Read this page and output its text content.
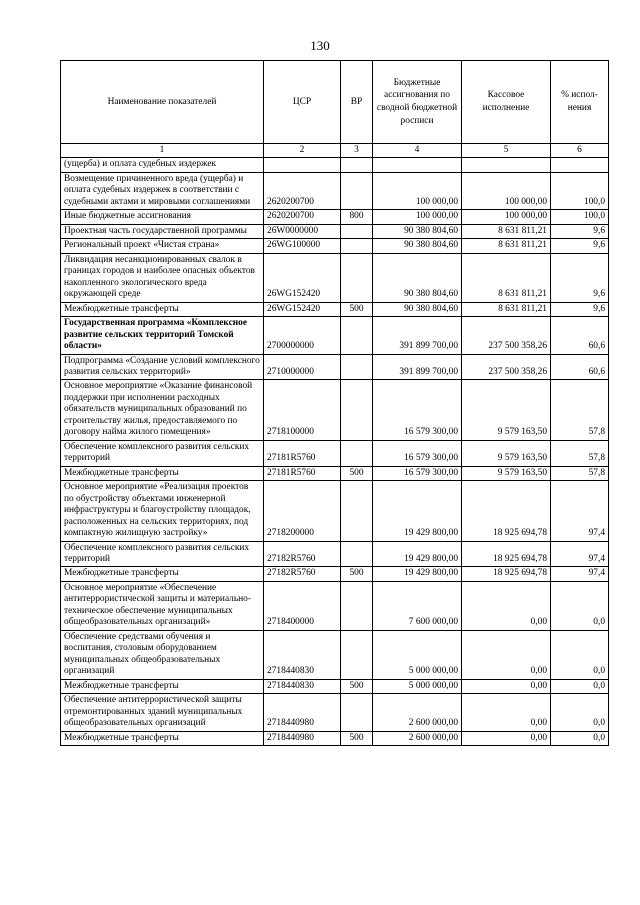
130
Наименование показателей	ЦСР	ВР	Бюджетные ассигнования по сводной бюджетной росписи	Кассовое исполнение	% испол-нения
1	2	3	4	5	6
(ущерба) и оплата судебных издержек					
Возмещение причиненного вреда (ущерба) и оплата судебных издержек в соответствии с судебными актами и мировыми соглашениями	2620200700		100 000,00	100 000,00	100,0
Иные бюджетные ассигнования	2620200700	800	100 000,00	100 000,00	100,0
Проектная часть государственной программы	26W0000000		90 380 804,60	8 631 811,21	9,6
Региональный проект «Чистая страна»	26WG100000		90 380 804,60	8 631 811,21	9,6
Ликвидация несанкционированных свалок в границах городов и наиболее опасных объектов накопленного экологического вреда окружающей среде	26WG152420		90 380 804,60	8 631 811,21	9,6
Межбюджетные трансферты	26WG152420	500	90 380 804,60	8 631 811,21	9,6
Государственная программа «Комплексное развитие сельских территорий Томской области»	2700000000		391 899 700,00	237 500 358,26	60,6
Подпрограмма «Создание условий комплексного развития сельских территорий»	2710000000		391 899 700,00	237 500 358,26	60,6
Основное мероприятие «Оказание финансовой поддержки при исполнении расходных обязательств муниципальных образований по строительству жилья, предоставляемого по договору найма жилого помещения»	2718100000		16 579 300,00	9 579 163,50	57,8
Обеспечение комплексного развития сельских территорий	27181R5760		16 579 300,00	9 579 163,50	57,8
Межбюджетные трансферты	27181R5760	500	16 579 300,00	9 579 163,50	57,8
Основное мероприятие «Реализация проектов по обустройству объектами инженерной инфраструктуры и благоустройству площадок, расположенных на сельских территориях, под компактную жилищную застройку»	2718200000		19 429 800,00	18 925 694,78	97,4
Обеспечение комплексного развития сельских территорий	27182R5760		19 429 800,00	18 925 694,78	97,4
Межбюджетные трансферты	27182R5760	500	19 429 800,00	18 925 694,78	97,4
Основное мероприятие «Обеспечение антитеррористической защиты и материально-техническое обеспечение муниципальных общеобразовательных организаций»	2718400000		7 600 000,00	0,00	0,0
Обеспечение средствами обучения и воспитания, столовым оборудованием муниципальных общеобразовательных организаций	2718440830		5 000 000,00	0,00	0,0
Межбюджетные трансферты	2718440830	500	5 000 000,00	0,00	0,0
Обеспечение антитеррористической защиты отремонтированных зданий муниципальных общеобразовательных организаций	2718440980		2 600 000,00	0,00	0,0
Межбюджетные трансферты	2718440980	500	2 600 000,00	0,00	0,0
